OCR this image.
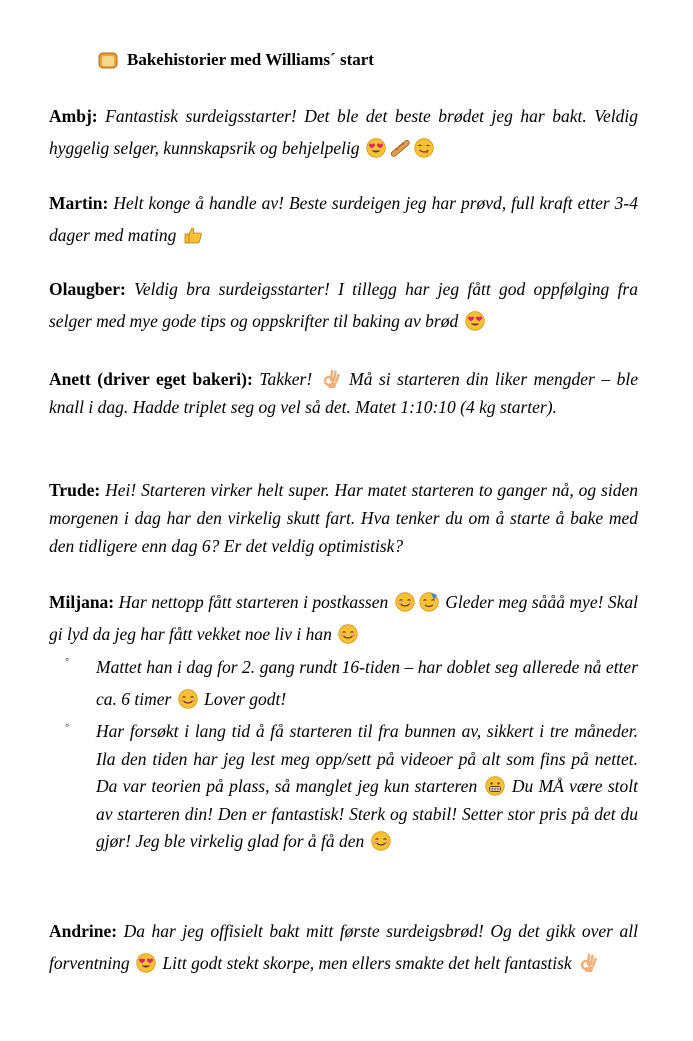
Bakehistorier med Williams´ start
Ambj: Fantastisk surdeigsstarter! Det ble det beste brødet jeg har bakt. Veldig hyggelig selger, kunnskapsrik og behjelpelig
Martin: Helt konge å handle av! Beste surdeigen jeg har prøvd, full kraft etter 3-4 dager med mating
Olaugber: Veldig bra surdeigsstarter! I tillegg har jeg fått god oppfølging fra selger med mye gode tips og oppskrifter til baking av brød
Anett (driver eget bakeri): Takker! Må si starteren din liker mengder – ble knall i dag. Hadde triplet seg og vel så det. Matet 1:10:10 (4 kg starter).
Trude: Hei! Starteren virker helt super. Har matet starteren to ganger nå, og siden morgenen i dag har den virkelig skutt fart. Hva tenker du om å starte å bake med den tidligere enn dag 6? Er det veldig optimistisk?
Miljana: Har nettopp fått starteren i postkassen	Gleder meg sååå mye! Skal gi lyd da jeg har fått vekket noe liv i han
◦ Mattet han i dag for 2. gang rundt 16-tiden – har doblet seg allerede nå etter ca. 6 timer Lover godt!
◦ Har forsøkt i lang tid å få starteren til fra bunnen av, sikkert i tre måneder. Ila den tiden har jeg lest meg opp/sett på videoer på alt som fins på nettet. Da var teorien på plass, så manglet jeg kun starteren Du MÅ være stolt av starteren din! Den er fantastisk! Sterk og stabil! Setter stor pris på det du gjør! Jeg ble virkelig glad for å få den
Andrine: Da har jeg offisielt bakt mitt første surdeigsbrød! Og det gikk over all forventning Litt godt stekt skorpe, men ellers smakte det helt fantastisk
